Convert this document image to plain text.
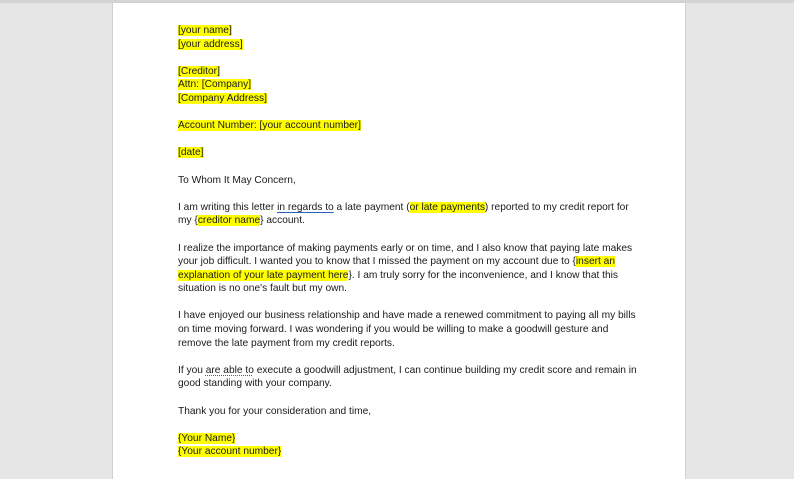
[your name]
[your address]
[Creditor]
Attn: [Company]
[Company Address]
Account Number: [your account number]
[date]
To Whom It May Concern,
I am writing this letter in regards to a late payment (or late payments) reported to my credit report for
my {creditor name} account.
I realize the importance of making payments early or on time, and I also know that paying late makes
your job difficult. I wanted you to know that I missed the payment on my account due to {insert an
explanation of your late payment here}. I am truly sorry for the inconvenience, and I know that this
situation is no one's fault but my own.
I have enjoyed our business relationship and have made a renewed commitment to paying all my bills
on time moving forward. I was wondering if you would be willing to make a goodwill gesture and
remove the late payment from my credit reports.
If you are able to execute a goodwill adjustment, I can continue building my credit score and remain in
good standing with your company.
Thank you for your consideration and time,
{Your Name}
{Your account number}
